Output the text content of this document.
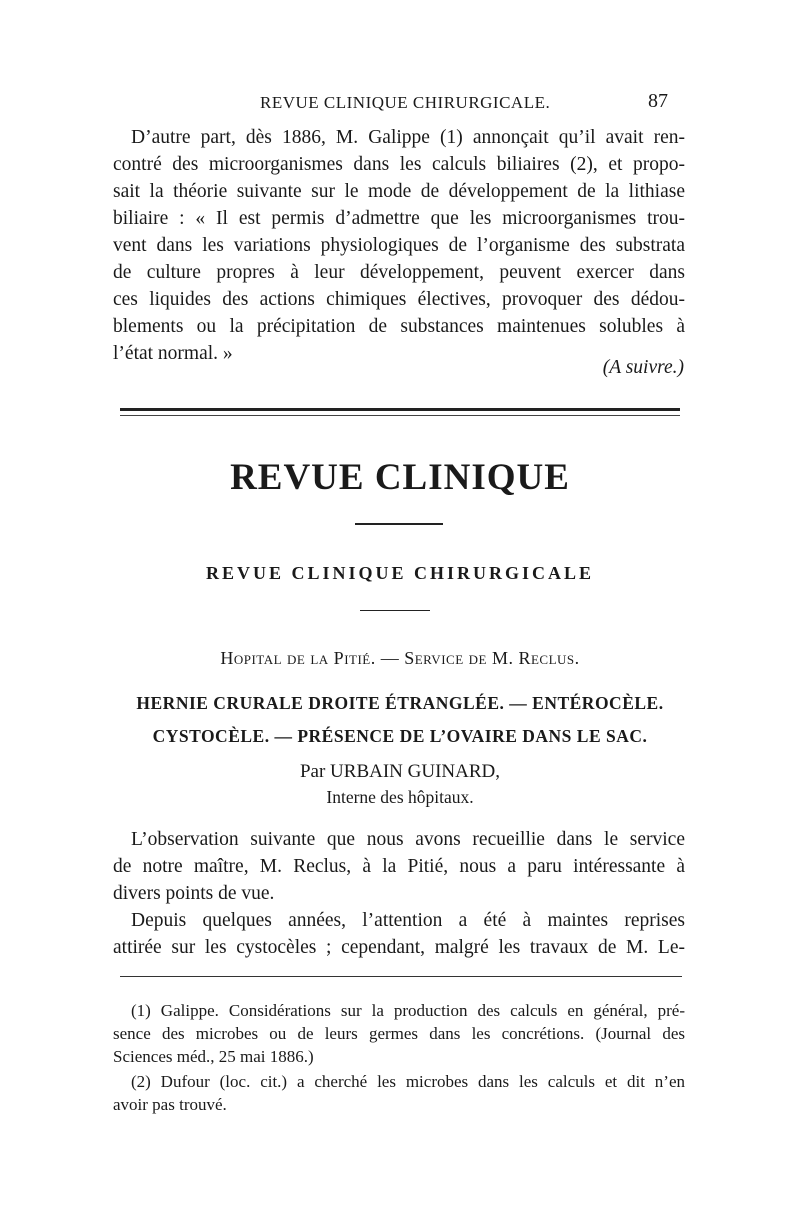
REVUE CLINIQUE CHIRURGICALE.	87
D’autre part, dès 1886, M. Galippe (1) annonçait qu’il avait ren-
contré des microorganismes dans les calculs biliaires (2), et propo-
sait la théorie suivante sur le mode de développement de la lithiase
biliaire : « Il est permis d’admettre que les microorganismes trou-
vent dans les variations physiologiques de l’organisme des substrata
de culture propres à leur développement, peuvent exercer dans
ces liquides des actions chimiques électives, provoquer des dédou-
blements ou la précipitation de substances maintenues solubles à
l’état normal. »
(A suivre.)
REVUE CLINIQUE
REVUE CLINIQUE CHIRURGICALE
Hopital de la Pitié. — Service de M. Reclus.
HERNIE CRURALE DROITE ÉTRANGLÉE. — ENTÉROCÈLE.
CYSTOCÈLE. — PRÉSENCE DE L’OVAIRE DANS LE SAC.
Par URBAIN GUINARD,
Interne des hôpitaux.
L’observation suivante que nous avons recueillie dans le service
de notre maître, M. Reclus, à la Pitié, nous a paru intéressante à
divers points de vue.
Depuis quelques années, l’attention a été à maintes reprises
attirée sur les cystocèles ; cependant, malgré les travaux de M. Le-
(1) Galippe. Considérations sur la production des calculs en général, pré-
sence des microbes ou de leurs germes dans les concrétions. (Journal des
Sciences méd., 25 mai 1886.)
(2) Dufour (loc. cit.) a cherché les microbes dans les calculs et dit n’en
avoir pas trouvé.
